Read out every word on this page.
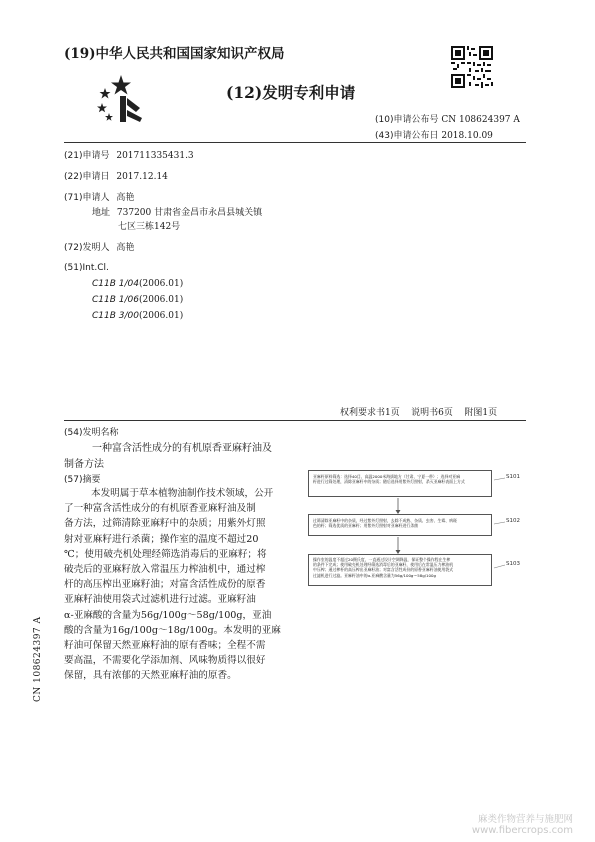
(19)中华人民共和国国家知识产权局
(12)发明专利申请
(10)申请公布号 CN 108624397 A
(43)申请公布日 2018.10.09
(21)申请号 201711335431.3
(22)申请日 2017.12.14
(71)申请人 高艳
地址 737200 甘肃省金昌市永昌县城关镇
七区三栋142号
(72)发明人 高艳
(51)Int.Cl.
C11B 1/04(2006.01)
C11B 1/06(2006.01)
C11B 3/00(2006.01)
权利要求书1页    说明书6页    附图1页
(54)发明名称
一种富含活性成分的有机原香亚麻籽油及
制备方法
(57)摘要
本发明属于草本植物油制作技术领域，公开
了一种富含活性成分的有机原香亚麻籽油及制
备方法，过筛清除亚麻籽中的杂质；用紫外灯照
射对亚麻籽进行杀菌；操作室的温度不超过20
℃；使用破壳机处理经筛选消毒后的亚麻籽；将
破壳后的亚麻籽放入常温压力榨油机中，通过榨
杆的高压榨出亚麻籽油；对富含活性成份的原香
亚麻籽油使用袋式过滤机进行过滤。亚麻籽油
α-亚麻酸的含量为56g/100g～58g/100g，亚油
酸的含量为16g/100g～18g/100g。本发明的亚麻
籽油可保留天然亚麻籽油的原有香味；全程不需
要高温，不需要化学添加剂、风味物质得以很好
保留，具有浓郁的天然亚麻籽油的原香。
亚麻籽原料筛选：选择40目、高温2000米海拔地方（甘肃、宁夏一带）；选择对亚麻
籽进行过筛处理，清除亚麻籽中的杂质；随后选择用紫外灯照射，杀灭亚麻籽表面上方式
S101
过筛清除亚麻籽中的杂质，经过紫外灯照射，去除不成熟、杂质、虫害、生霉、病斑
色的籽；筛选优质的亚麻籽；用紫外灯照射对亚麻籽进行杀菌
S102
操作室的温度不超过20摄氏度，一直通过设计空调降温，保证整个操作程在生榨
的条件下完成；使用破壳机处理经筛选消毒后的亚麻籽，使用后在常温压力榨油机
中压榨；通过榨杆的高压榨出亚麻籽油；对富含活性成份的原香亚麻籽油使用袋式
过滤机进行过滤。亚麻籽油中的α-亚麻酸含量为56g/100g～58g/100g
S103
CN 108624397 A
麻类作物营养与施肥网
www.fibercrops.com
